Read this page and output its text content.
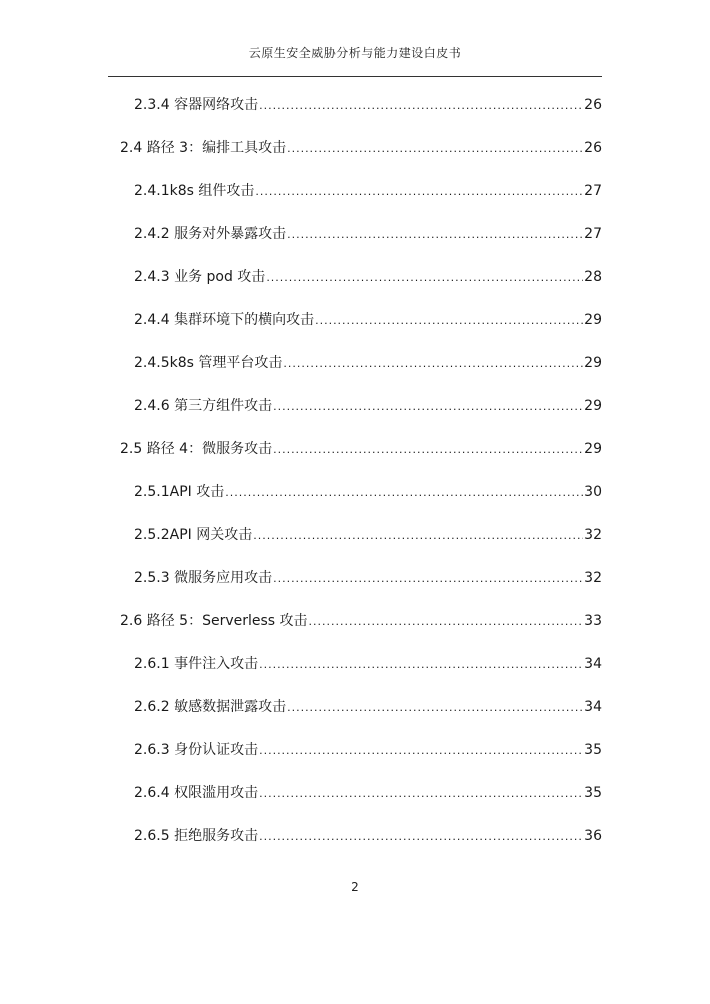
云原生安全威胁分析与能力建设白皮书
2.3.4 容器网络攻击 .....	26
2.4 路径 3：编排工具攻击 .....	26
2.4.1k8s 组件攻击 .....	27
2.4.2 服务对外暴露攻击 .....	27
2.4.3 业务 pod 攻击 .....	28
2.4.4 集群环境下的横向攻击 .....	29
2.4.5k8s 管理平台攻击 .....	29
2.4.6 第三方组件攻击 .....	29
2.5 路径 4：微服务攻击 .....	29
2.5.1API 攻击 .....	30
2.5.2API 网关攻击 .....	32
2.5.3 微服务应用攻击 .....	32
2.6 路径 5：Serverless 攻击 .....	33
2.6.1 事件注入攻击 .....	34
2.6.2 敏感数据泄露攻击 .....	34
2.6.3 身份认证攻击 .....	35
2.6.4 权限滥用攻击 .....	35
2.6.5 拒绝服务攻击 .....	36
2
